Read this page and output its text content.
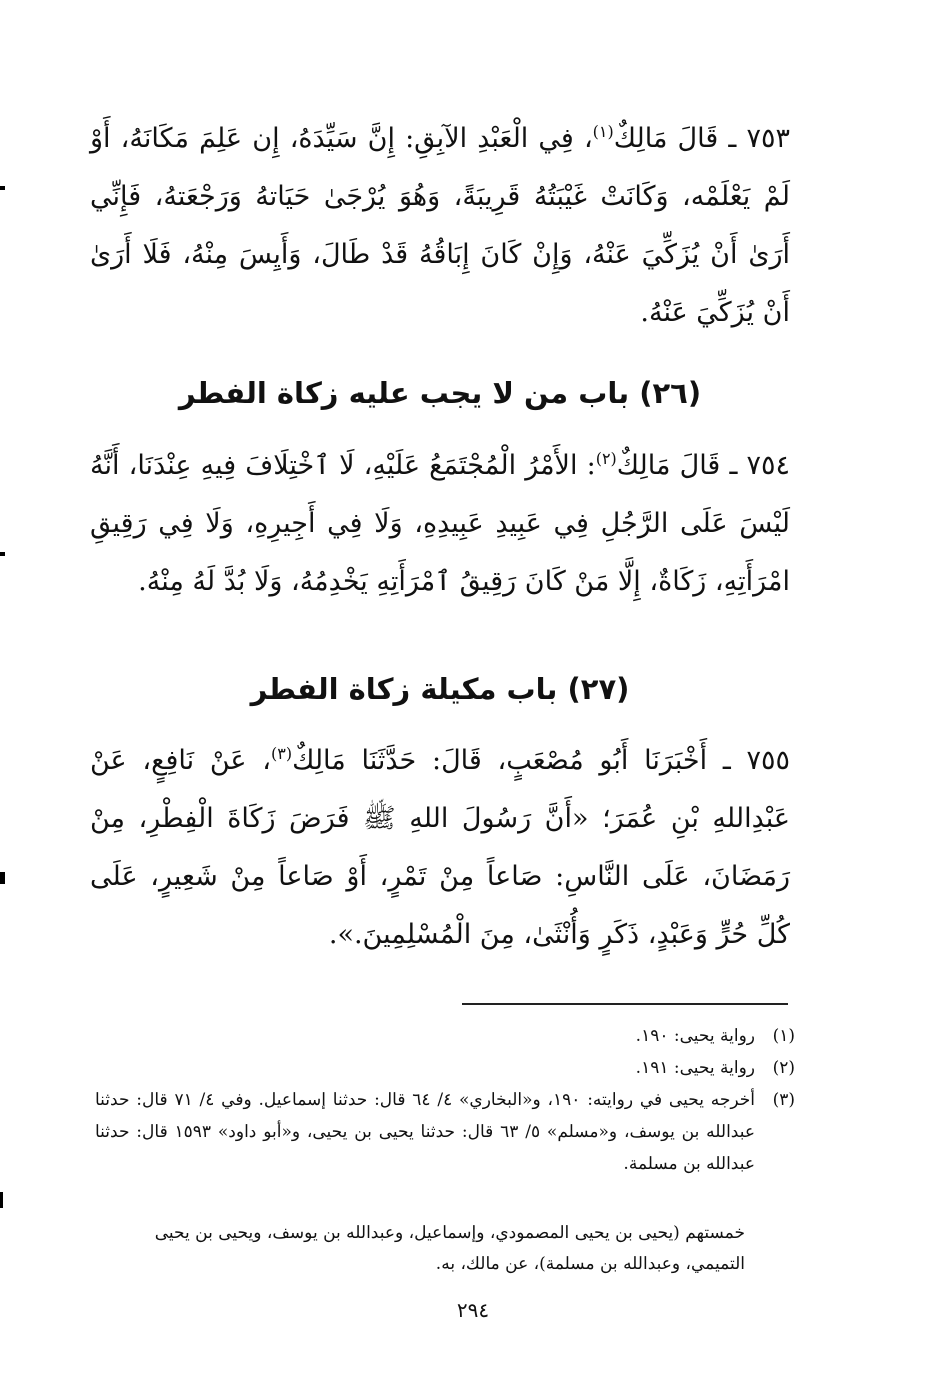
٧٥٣ ـ قَالَ مَالِكٌ$^{(١)}$، فِي الْعَبْدِ الآبِقِ: إِنَّ سَيِّدَهُ، إِن عَلِمَ مَكَانَهُ، أَوْ لَمْ يَعْلَمْه، وَكَانَتْ غَيْبَتُهُ قَرِيبَةً، وَهُوَ يُرْجَىٰ حَيَاتهُ وَرَجْعَتهُ، فَإِنِّي أَرَىٰ أَنْ يُزَكِّيَ عَنْهُ، وَإِنْ كَانَ إِبَاقُهُ قَدْ طَالَ، وَأَيِسَ مِنْهُ، فَلَا أَرَىٰ أَنْ يُزَكِّيَ عَنْهُ.

(٢٦) باب من لا يجب عليه زكاة الفطر

٧٥٤ ـ قَالَ مَالِكٌ$^{(٢)}$: الأَمْرُ الْمُجْتَمَعُ عَلَيْهِ، لَا ٱخْتِلَافَ فِيهِ عِنْدَنَا، أَنَّهُ لَيْسَ عَلَى الرَّجُلِ فِي عَبِيدِ عَبِيدِهِ، وَلَا فِي أَجِيرِهِ، وَلَا فِي رَقِيقِ امْرَأَتِهِ، زَكَاةٌ، إِلَّا مَنْ كَانَ رَقِيقُ ٱمْرَأَتِهِ يَخْدِمُهُ، وَلَا بُدَّ لَهُ مِنْهُ.

(٢٧) باب مكيلة زكاة الفطر

٧٥٥ ـ أَخْبَرَنَا أَبُو مُصْعَبٍ، قَالَ: حَدَّثَنَا مَالِكٌ$^{(٣)}$، عَنْ نَافِعٍ، عَنْ عَبْدِاللهِ بْنِ عُمَرَ؛ «أَنَّ رَسُولَ اللهِ ﷺ فَرَضَ زَكَاةَ الْفِطْرِ، مِنْ رَمَضَانَ، عَلَى النَّاسِ: صَاعاً مِنْ تَمْرٍ، أَوْ صَاعاً مِنْ شَعِيرٍ، عَلَى كُلِّ حُرٍّ وَعَبْدٍ، ذَكَرٍ وَأُنْثَىٰ، مِنَ الْمُسْلِمِينَ.».

(١)
رواية يحيى: ١٩٠.
(٢)
رواية يحيى: ١٩١.
(٣)
أخرجه يحيى في روايته: ١٩٠، و«البخاري» ٤/ ٦٤ قال: حدثنا إسماعيل. وفي ٤/ ٧١ قال: حدثنا عبدالله بن يوسف، و«مسلم» ٥/ ٦٣ قال: حدثنا يحيى بن يحيى، و«أبو داود» ١٥٩٣ قال: حدثنا عبدالله بن مسلمة.
خمستهم (يحيى بن يحيى المصمودي، وإسماعيل، وعبدالله بن يوسف، ويحيى بن يحيى التميمي، وعبدالله بن مسلمة)، عن مالك، به.
٢٩٤
